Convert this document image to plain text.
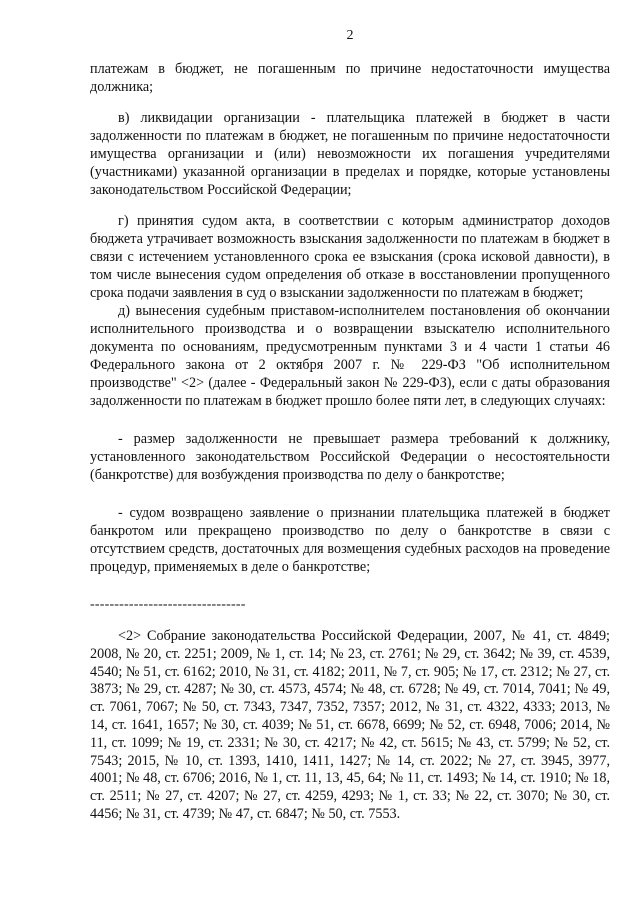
2

платежам в бюджет, не погашенным по причине недостаточности имущества должника;

в) ликвидации организации - плательщика платежей в бюджет в части задолженности по платежам в бюджет, не погашенным по причине недостаточности имущества организации и (или) невозможности их погашения учредителями (участниками) указанной организации в пределах и порядке, которые установлены законодательством Российской Федерации;

г) принятия судом акта, в соответствии с которым администратор доходов бюджета утрачивает возможность взыскания задолженности по платежам в бюджет в связи с истечением установленного срока ее взыскания (срока исковой давности), в том числе вынесения судом определения об отказе в восстановлении пропущенного срока подачи заявления в суд о взыскании задолженности по платежам в бюджет;

д) вынесения судебным приставом-исполнителем постановления об окончании исполнительного производства и о возвращении взыскателю исполнительного документа по основаниям, предусмотренным пунктами 3 и 4 части 1 статьи 46 Федерального закона от 2 октября 2007 г. № 229-ФЗ "Об исполнительном производстве" <2> (далее - Федеральный закон № 229-ФЗ), если с даты образования задолженности по платежам в бюджет прошло более пяти лет, в следующих случаях:

- размер задолженности не превышает размера требований к должнику, установленного законодательством Российской Федерации о несостоятельности (банкротстве) для возбуждения производства по делу о банкротстве;

- судом возвращено заявление о признании плательщика платежей в бюджет банкротом или прекращено производство по делу о банкротстве в связи с отсутствием средств, достаточных для возмещения судебных расходов на проведение процедур, применяемых в деле о банкротстве;

--------------------------------

<2> Собрание законодательства Российской Федерации, 2007, № 41, ст. 4849; 2008, № 20, ст. 2251; 2009, № 1, ст. 14; № 23, ст. 2761; № 29, ст. 3642; № 39, ст. 4539, 4540; № 51, ст. 6162; 2010, № 31, ст. 4182; 2011, № 7, ст. 905; № 17, ст. 2312; № 27, ст. 3873; № 29, ст. 4287; № 30, ст. 4573, 4574; № 48, ст. 6728; № 49, ст. 7014, 7041; № 49, ст. 7061, 7067; № 50, ст. 7343, 7347, 7352, 7357; 2012, № 31, ст. 4322, 4333; 2013, № 14, ст. 1641, 1657; № 30, ст. 4039; № 51, ст. 6678, 6699; № 52, ст. 6948, 7006; 2014, № 11, ст. 1099; № 19, ст. 2331; № 30, ст. 4217; № 42, ст. 5615; № 43, ст. 5799; № 52, ст. 7543; 2015, № 10, ст. 1393, 1410, 1411, 1427; № 14, ст. 2022; № 27, ст. 3945, 3977, 4001; № 48, ст. 6706; 2016, № 1, ст. 11, 13, 45, 64; № 11, ст. 1493; № 14, ст. 1910; № 18, ст. 2511; № 27, ст. 4207; № 27, ст. 4259, 4293; № 1, ст. 33; № 22, ст. 3070; № 30, ст. 4456; № 31, ст. 4739; № 47, ст. 6847; № 50, ст. 7553.
